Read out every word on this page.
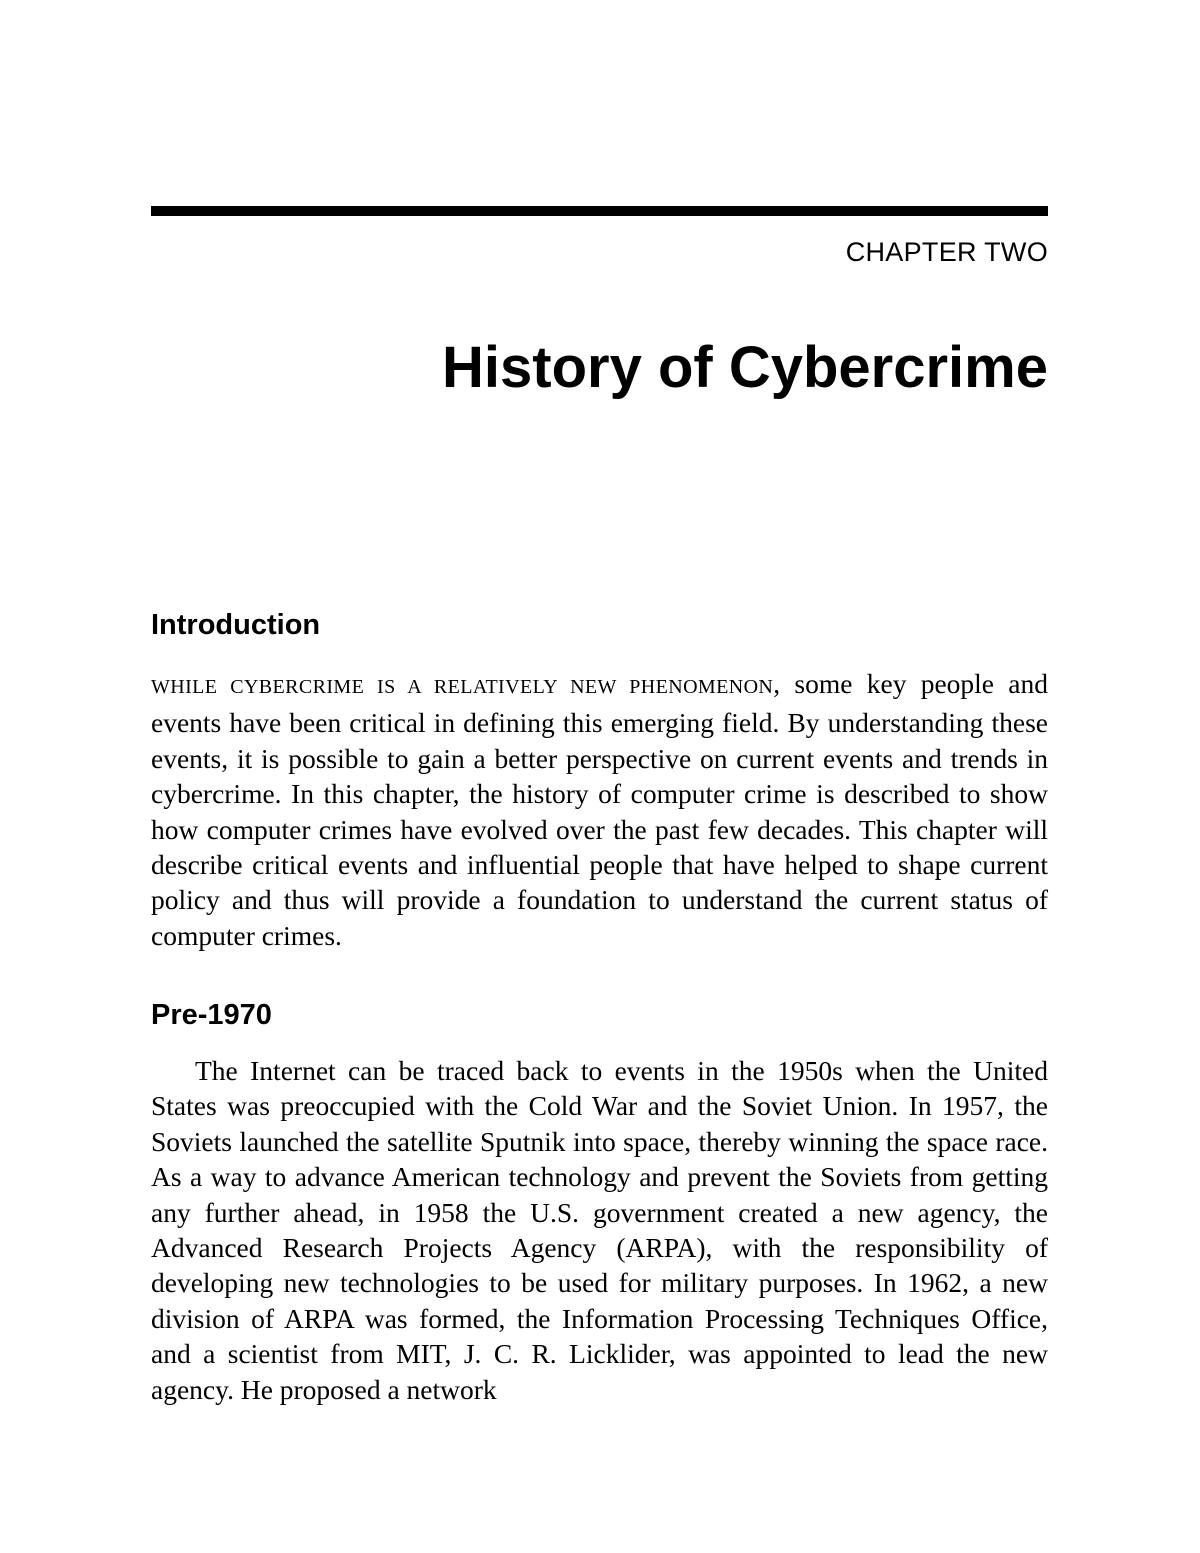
CHAPTER TWO
History of Cybercrime
Introduction

WHILE CYBERCRIME IS A RELATIVELY NEW PHENOMENON, some key people and events have been critical in defining this emerging field. By understanding these events, it is possible to gain a better perspective on current events and trends in cybercrime. In this chapter, the history of computer crime is described to show how computer crimes have evolved over the past few decades. This chapter will describe critical events and influential people that have helped to shape current policy and thus will provide a foundation to understand the current status of computer crimes.

Pre-1970

The Internet can be traced back to events in the 1950s when the United States was preoccupied with the Cold War and the Soviet Union. In 1957, the Soviets launched the satellite Sputnik into space, thereby winning the space race. As a way to advance American technology and prevent the Soviets from getting any further ahead, in 1958 the U.S. government created a new agency, the Advanced Research Projects Agency (ARPA), with the responsibility of developing new technologies to be used for military purposes. In 1962, a new division of ARPA was formed, the Information Processing Techniques Office, and a scientist from MIT, J. C. R. Licklider, was appointed to lead the new agency. He proposed a network
